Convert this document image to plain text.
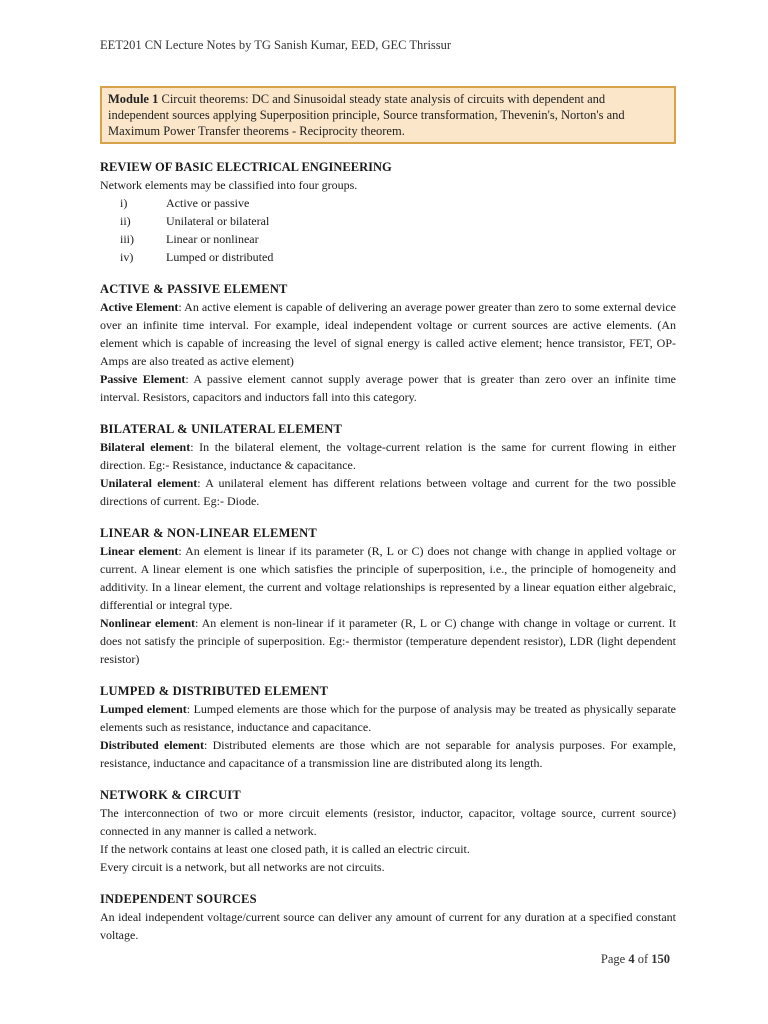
EET201 CN Lecture Notes by TG Sanish Kumar, EED, GEC Thrissur
Module 1 Circuit theorems: DC and Sinusoidal steady state analysis of circuits with dependent and independent sources applying Superposition principle, Source transformation, Thevenin's, Norton's and Maximum Power Transfer theorems - Reciprocity theorem.
REVIEW OF BASIC ELECTRICAL ENGINEERING

Network elements may be classified into four groups.

i)	Active or passive
ii)	Unilateral or bilateral
iii)	Linear or nonlinear
iv)	Lumped or distributed
ACTIVE & PASSIVE ELEMENT

Active Element: An active element is capable of delivering an average power greater than zero to some external device over an infinite time interval. For example, ideal independent voltage or current sources are active elements. (An element which is capable of increasing the level of signal energy is called active element; hence transistor, FET, OP-Amps are also treated as active element)

Passive Element: A passive element cannot supply average power that is greater than zero over an infinite time interval. Resistors, capacitors and inductors fall into this category.

BILATERAL & UNILATERAL ELEMENT

Bilateral element: In the bilateral element, the voltage-current relation is the same for current flowing in either direction. Eg:- Resistance, inductance & capacitance.

Unilateral element: A unilateral element has different relations between voltage and current for the two possible directions of current. Eg:- Diode.

LINEAR & NON-LINEAR ELEMENT

Linear element: An element is linear if its parameter (R, L or C) does not change with change in applied voltage or current. A linear element is one which satisfies the principle of superposition, i.e., the principle of homogeneity and additivity. In a linear element, the current and voltage relationships is represented by a linear equation either algebraic, differential or integral type.

Nonlinear element: An element is non-linear if it parameter (R, L or C) change with change in voltage or current. It does not satisfy the principle of superposition. Eg:- thermistor (temperature dependent resistor), LDR (light dependent resistor)

LUMPED & DISTRIBUTED ELEMENT

Lumped element: Lumped elements are those which for the purpose of analysis may be treated as physically separate elements such as resistance, inductance and capacitance.

Distributed element: Distributed elements are those which are not separable for analysis purposes. For example, resistance, inductance and capacitance of a transmission line are distributed along its length.

NETWORK & CIRCUIT

The interconnection of two or more circuit elements (resistor, inductor, capacitor, voltage source, current source) connected in any manner is called a network.

If the network contains at least one closed path, it is called an electric circuit.

Every circuit is a network, but all networks are not circuits.

INDEPENDENT SOURCES

An ideal independent voltage/current source can deliver any amount of current for any duration at a specified constant voltage.

Page 4 of 150
